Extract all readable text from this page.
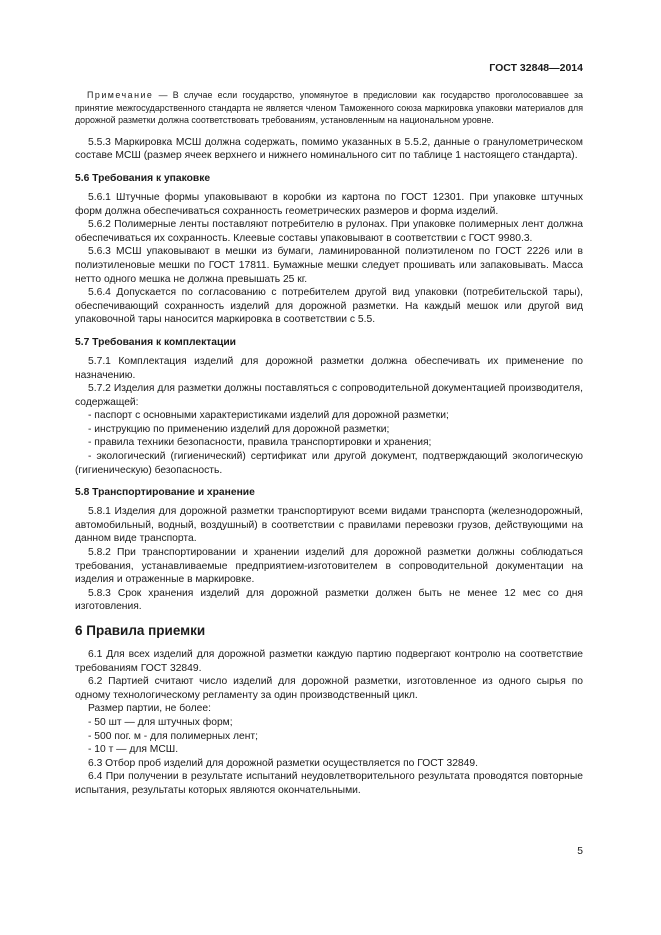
ГОСТ 32848—2014

Примечание — В случае если государство, упомянутое в предисловии как государство проголосовавшее за принятие межгосударственного стандарта не является членом Таможенного союза маркировка упаковки материалов для дорожной разметки должна соответствовать требованиям, установленным на национальном уровне.

5.5.3 Маркировка МСШ должна содержать, помимо указанных в 5.5.2, данные о гранулометрическом составе МСШ (размер ячеек верхнего и нижнего номинального сит по таблице 1 настоящего стандарта).

5.6 Требования к упаковке

5.6.1 Штучные формы упаковывают в коробки из картона по ГОСТ 12301. При упаковке штучных форм должна обеспечиваться сохранность геометрических размеров и форма изделий.

5.6.2 Полимерные ленты поставляют потребителю в рулонах. При упаковке полимерных лент должна обеспечиваться их сохранность. Клеевые составы упаковывают в соответствии с ГОСТ 9980.3.

5.6.3 МСШ упаковывают в мешки из бумаги, ламинированной полиэтиленом по ГОСТ 2226 или в полиэтиленовые мешки по ГОСТ 17811. Бумажные мешки следует прошивать или запаковывать. Масса нетто одного мешка не должна превышать 25 кг.

5.6.4 Допускается по согласованию с потребителем другой вид упаковки (потребительской тары), обеспечивающий сохранность изделий для дорожной разметки. На каждый мешок или другой вид упаковочной тары наносится маркировка в соответствии с 5.5.

5.7 Требования к комплектации

5.7.1 Комплектация изделий для дорожной разметки должна обеспечивать их применение по назначению.

5.7.2 Изделия для разметки должны поставляться с сопроводительной документацией производителя, содержащей:

- паспорт с основными характеристиками изделий для дорожной разметки;

- инструкцию по применению изделий для дорожной разметки;

- правила техники безопасности, правила транспортировки и хранения;

- экологический (гигиенический) сертификат или другой документ, подтверждающий экологическую (гигиеническую) безопасность.

5.8 Транспортирование и хранение

5.8.1 Изделия для дорожной разметки транспортируют всеми видами транспорта (железнодорожный, автомобильный, водный, воздушный) в соответствии с правилами перевозки грузов, действующими на данном виде транспорта.

5.8.2 При транспортировании и хранении изделий для дорожной разметки должны соблюдаться требования, устанавливаемые предприятием-изготовителем в сопроводительной документации на изделия и отраженные в маркировке.

5.8.3 Срок хранения изделий для дорожной разметки должен быть не менее 12 мес со дня изготовления.

6 Правила приемки

6.1 Для всех изделий для дорожной разметки каждую партию подвергают контролю на соответствие требованиям ГОСТ 32849.

6.2 Партией считают число изделий для дорожной разметки, изготовленное из одного сырья по одному технологическому регламенту за один производственный цикл.

Размер партии, не более:

- 50 шт — для штучных форм;

- 500 пог. м - для полимерных лент;

- 10 т — для МСШ.

6.3 Отбор проб изделий для дорожной разметки осуществляется по ГОСТ 32849.

6.4 При получении в результате испытаний неудовлетворительного результата проводятся повторные испытания, результаты которых являются окончательными.

5
